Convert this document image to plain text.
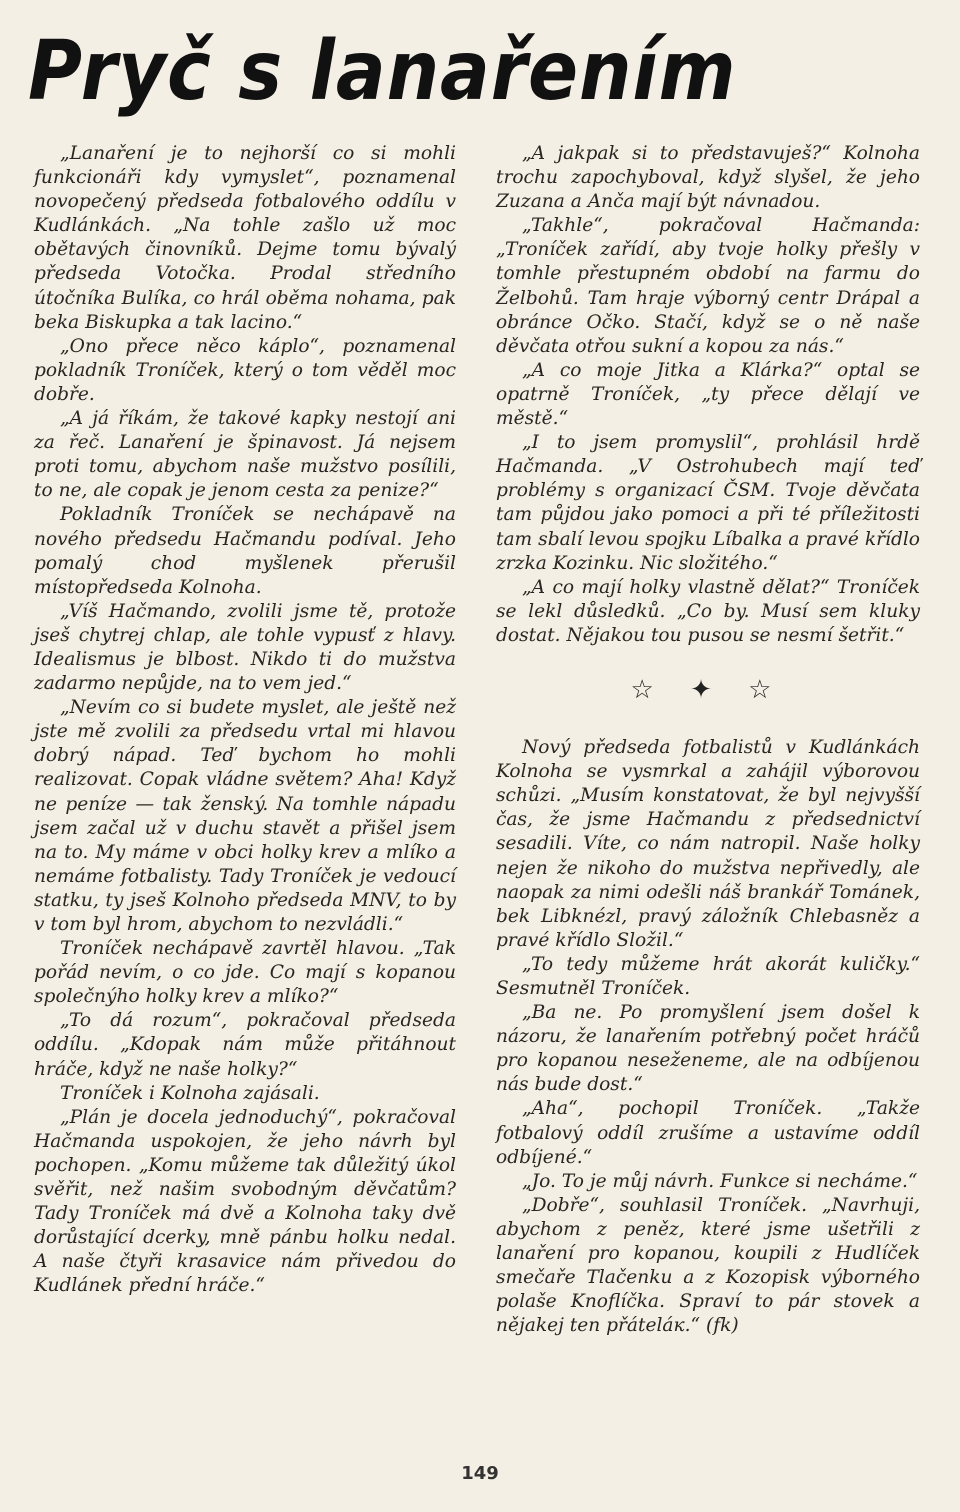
Pryč s lanařením

„Lanaření je to nejhorší co si mohli funkcionáři kdy vymyslet“, poznamenal novopečený předseda fotbalového oddílu v Kudlánkách. „Na tohle zašlo už moc obětavých činovníků. Dejme tomu bývalý předseda Votočka. Prodal středního útočníka Bulíka, co hrál oběma nohama, pak beka Biskupka a tak lacino.“

„Ono přece něco káplo“, poznamenal pokladník Troníček, který o tom věděl moc dobře.

„A já říkám, že takové kapky nestojí ani za řeč. Lanaření je špinavost. Já nejsem proti tomu, abychom naše mužstvo posílili, to ne, ale copak je jenom cesta za penize?“

Pokladník Troníček se nechápavě na nového předsedu Hačmandu podíval. Jeho pomalý chod myšlenek přerušil místopředseda Kolnoha.

„Víš Hačmando, zvolili jsme tě, protože jseš chytrej chlap, ale tohle vypusť z hlavy. Idealismus je blbost. Nikdo ti do mužstva zadarmo nepůjde, na to vem jed.“

„Nevím co si budete myslet, ale ještě než jste mě zvolili za předsedu vrtal mi hlavou dobrý nápad. Teď bychom ho mohli realizovat. Copak vládne světem? Aha! Když ne peníze — tak ženský. Na tomhle nápadu jsem začal už v duchu stavět a přišel jsem na to. My máme v obci holky krev a mlíko a nemáme fotbalisty. Tady Troníček je vedoucí statku, ty jseš Kolnoho předseda MNV, to by v tom byl hrom, abychom to nezvládli.“

Troníček nechápavě zavrtěl hlavou. „Tak pořád nevím, o co jde. Co mají s kopanou společnýho holky krev a mlíko?“

„To dá rozum“, pokračoval předseda oddílu. „Kdopak nám může přitáhnout hráče, když ne naše holky?“

Troníček i Kolnoha zajásali.

„Plán je docela jednoduchý“, pokračoval Hačmanda uspokojen, že jeho návrh byl pochopen. „Komu můžeme tak důležitý úkol svěřit, než našim svobodným děvčatům? Tady Troníček má dvě a Kolnoha taky dvě dorůstající dcerky, mně pánbu holku nedal. A naše čtyři krasavice nám přivedou do Kudlánek přední hráče.“

„A jakpak si to představuješ?“ Kolnoha trochu zapochyboval, když slyšel, že jeho Zuzana a Anča mají být návnadou.

„Takhle“, pokračoval Hačmanda: „Troníček zařídí, aby tvoje holky přešly v tomhle přestupném období na farmu do Želbohů. Tam hraje výborný centr Drápal a obránce Očko. Stačí, když se o ně naše děvčata otřou sukní a kopou za nás.“

„A co moje Jitka a Klárka?“ optal se opatrně Troníček, „ty přece dělají ve městě.“

„I to jsem promyslil“, prohlásil hrdě Hačmanda. „V Ostrohubech mají teď problémy s organizací ČSM. Tvoje děvčata tam půjdou jako pomoci a při té příležitosti tam sbalí levou spojku Líbalka a pravé křídlo zrzka Kozinku. Nic složitého.“

„A co mají holky vlastně dělat?“ Troníček se lekl důsledků. „Co by. Musí sem kluky dostat. Nějakou tou pusou se nesmí šetřit.“

☆ ✦ ☆

Nový předseda fotbalistů v Kudlánkách Kolnoha se vysmrkal a zahájil výborovou schůzi. „Musím konstatovat, že byl nejvyšší čas, že jsme Hačmandu z předsednictví sesadili. Víte, co nám natropil. Naše holky nejen že nikoho do mužstva nepřivedly, ale naopak za nimi odešli náš brankář Tománek, bek Libknézl, pravý záložník Chlebasněz a pravé křídlo Složil.“

„To tedy můžeme hrát akorát kuličky.“ Sesmutněl Troníček.

„Ba ne. Po promyšlení jsem došel k názoru, že lanařením potřebný počet hráčů pro kopanou neseženeme, ale na odbíjenou nás bude dost.“

„Aha“, pochopil Troníček. „Takže fotbalový oddíl zrušíme a ustavíme oddíl odbíjené.“

„Jo. To je můj návrh. Funkce si necháme.“

„Dobře“, souhlasil Troníček. „Navrhuji, abychom z peněz, které jsme ušetřili z lanaření pro kopanou, koupili z Hudlíček smečaře Tlačenku a z Kozopisk výborného polaše Knoflíčka. Spraví to pár stovek a nějakej ten přáteláк.“ (fk)

149
